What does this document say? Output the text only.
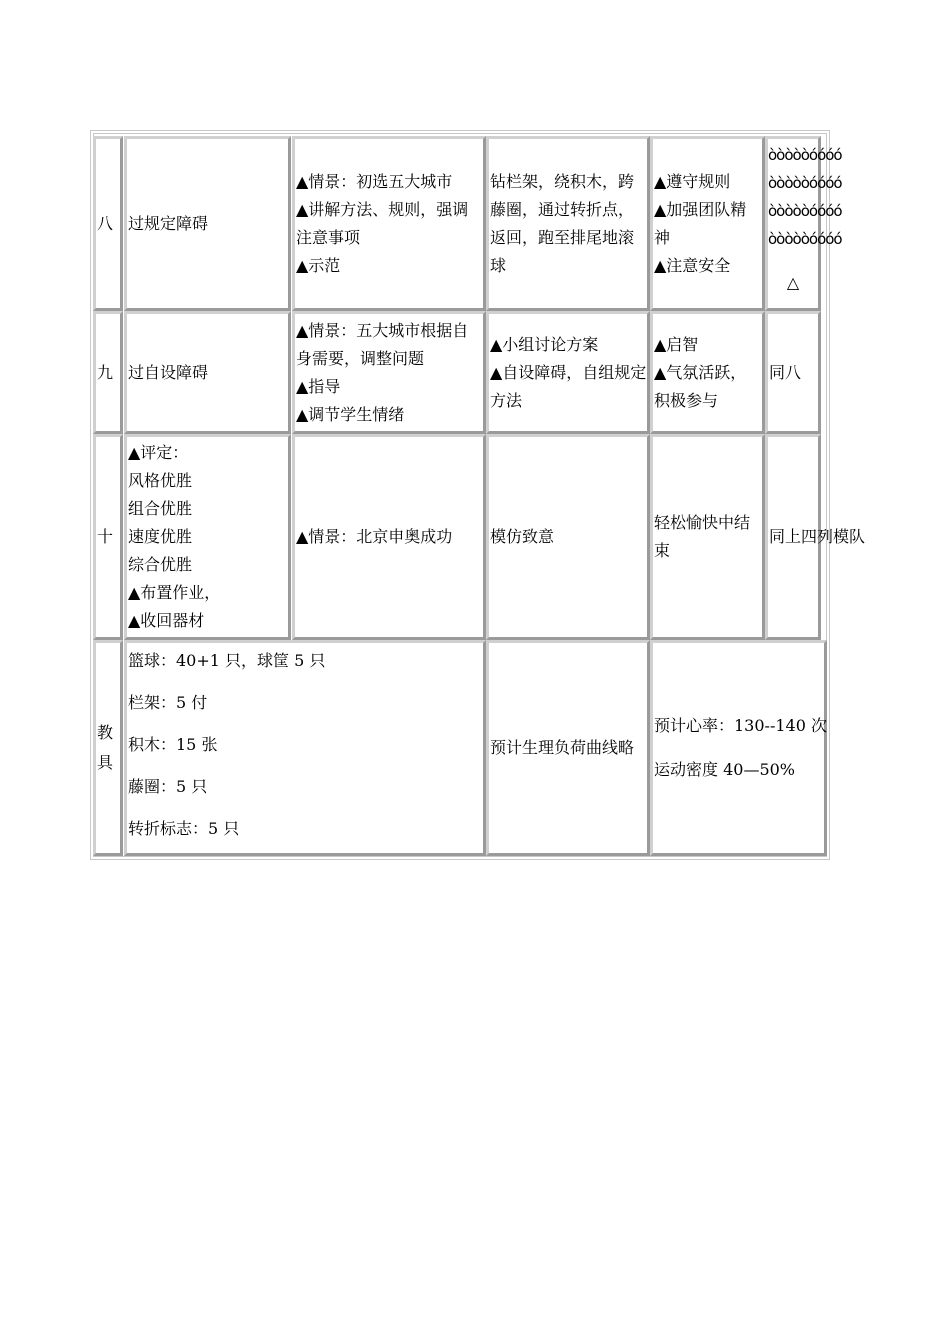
八 过规定障碍
▲情景：初选五大城市
▲讲解方法、规则，强调注意事项
▲示范
钻栏架，绕积木，跨藤圈，通过转折点，返回，跑至排尾地滚球
▲遵守规则
▲加强团队精神
▲注意安全
òòòòòóóóó
òòòòòóóóó
òòòòòóóóó
òòòòòóóóó
△
九 过自设障碍
▲情景：五大城市根据自身需要，调整问题
▲指导
▲调节学生情绪
▲小组讨论方案
▲自设障碍，自组规定方法
▲启智
▲气氛活跃，积极参与
同八
十
▲评定：
风格优胜
组合优胜
速度优胜
综合优胜
▲布置作业，
▲收回器材
▲情景：北京申奥成功 模仿致意
轻松愉快中结束
同上四列模队
教具
篮球：40+1 只，球筐 5 只
栏架：5 付
积木：15 张
藤圈：5 只
转折标志：5 只
预计生理负荷曲线略
预计心率：130--140 次
运动密度 40—50%
